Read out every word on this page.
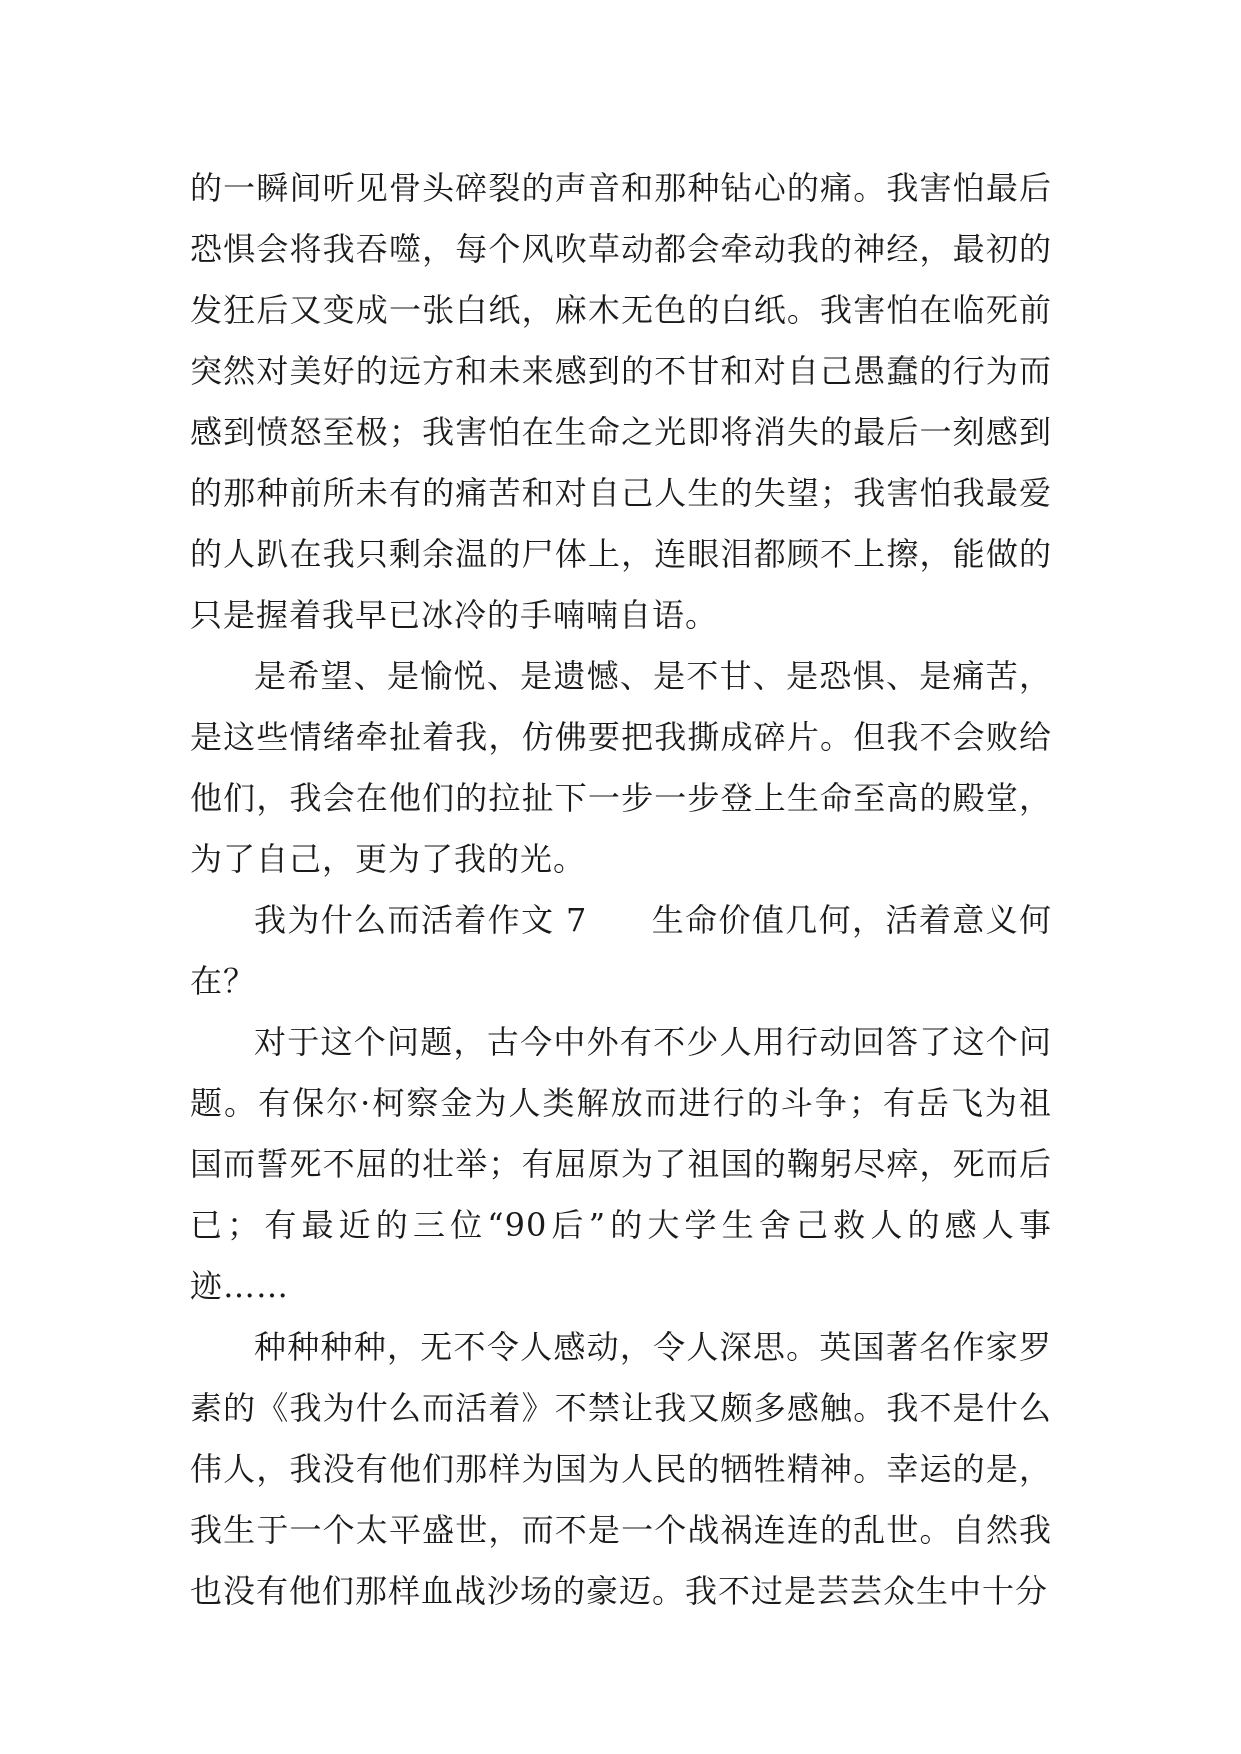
的一瞬间听见骨头碎裂的声音和那种钻心的痛。我害怕最后恐惧会将我吞噬，每个风吹草动都会牵动我的神经，最初的发狂后又变成一张白纸，麻木无色的白纸。我害怕在临死前突然对美好的远方和未来感到的不甘和对自己愚蠢的行为而感到愤怒至极；我害怕在生命之光即将消失的最后一刻感到的那种前所未有的痛苦和对自己人生的失望；我害怕我最爱的人趴在我只剩余温的尸体上，连眼泪都顾不上擦，能做的只是握着我早已冰冷的手喃喃自语。

是希望、是愉悦、是遗憾、是不甘、是恐惧、是痛苦，是这些情绪牵扯着我，仿佛要把我撕成碎片。但我不会败给他们，我会在他们的拉扯下一步一步登上生命至高的殿堂，为了自己，更为了我的光。

我为什么而活着作文 7 生命价值几何，活着意义何在？

对于这个问题，古今中外有不少人用行动回答了这个问题。有保尔·柯察金为人类解放而进行的斗争；有岳飞为祖国而誓死不屈的壮举；有屈原为了祖国的鞠躬尽瘁，死而后已；有最近的三位“90后”的大学生舍己救人的感人事迹……

种种种种，无不令人感动，令人深思。英国著名作家罗素的《我为什么而活着》不禁让我又颇多感触。我不是什么伟人，我没有他们那样为国为人民的牺牲精神。幸运的是，我生于一个太平盛世，而不是一个战祸连连的乱世。自然我也没有他们那样血战沙场的豪迈。我不过是芸芸众生中十分
